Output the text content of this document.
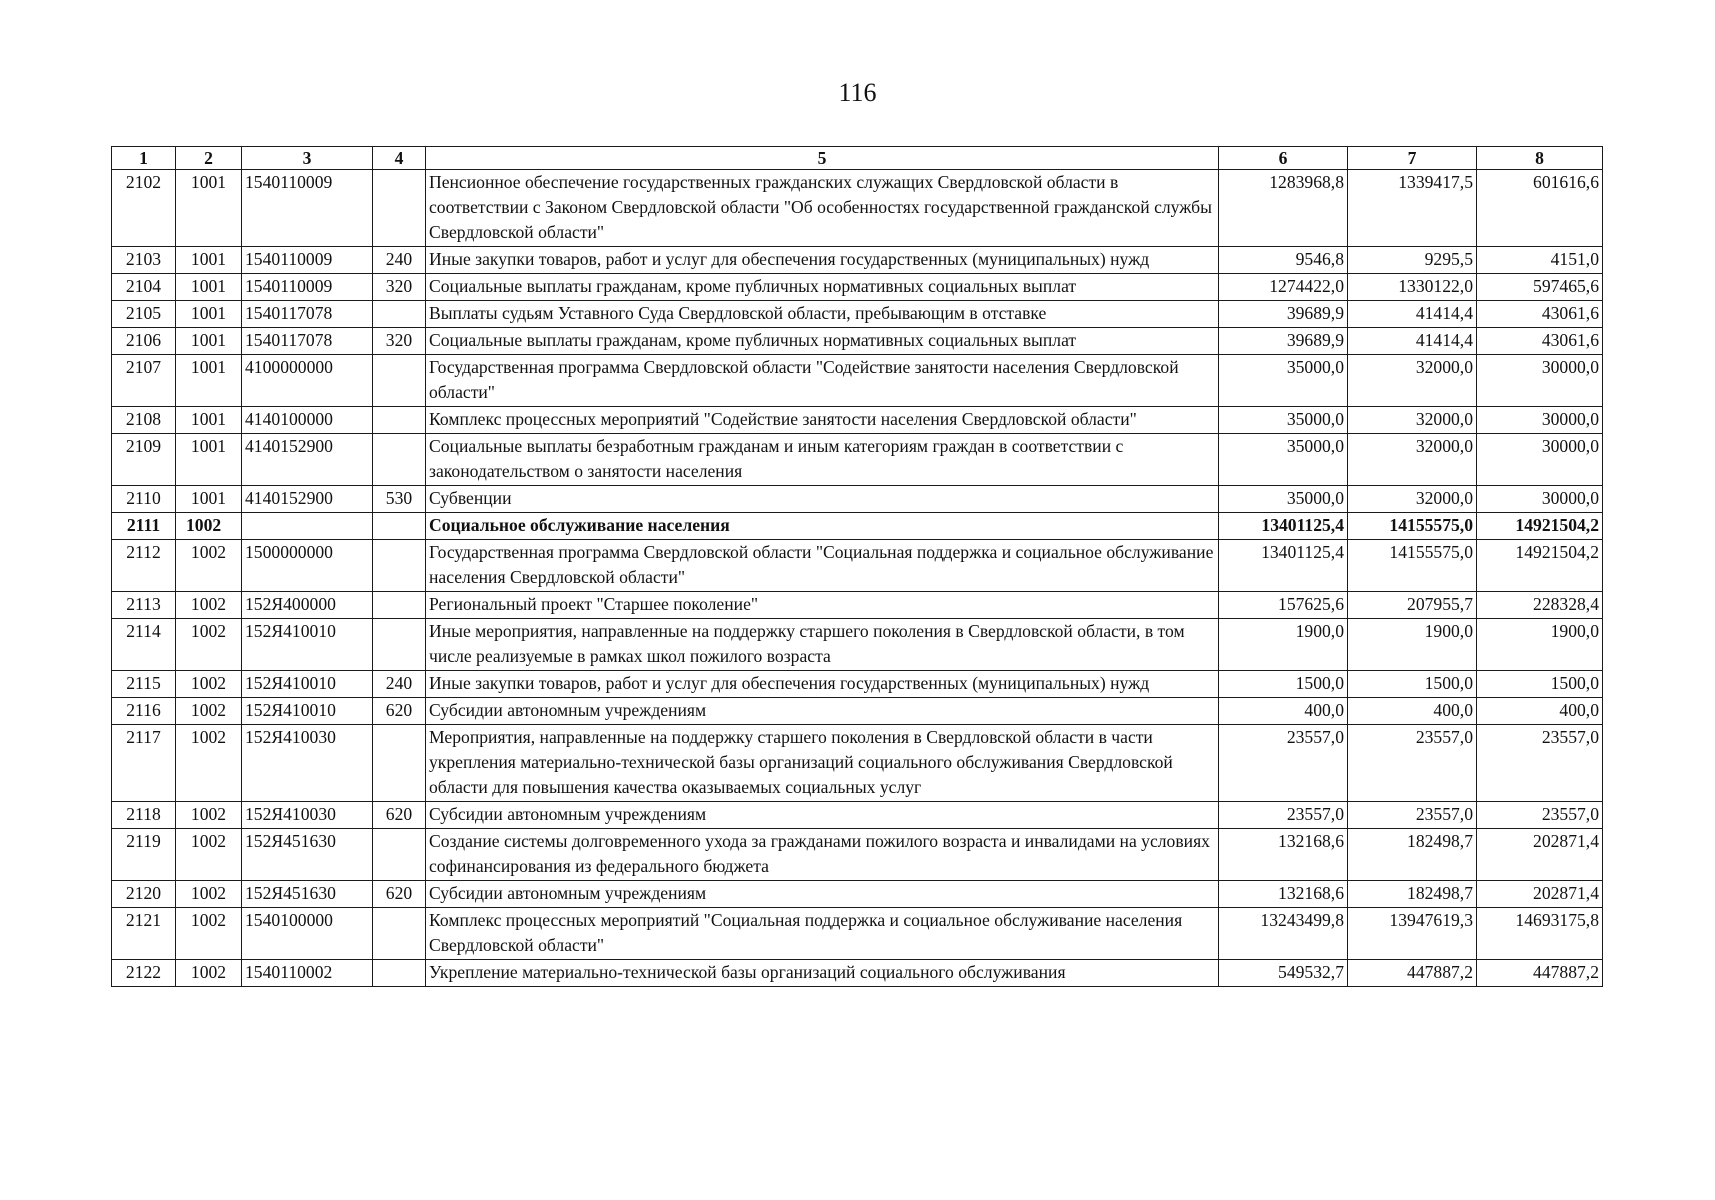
116
1	2	3	4	5	6	7	8
2102	1001	1540110009		Пенсионное обеспечение государственных гражданских служащих Свердловской области в соответствии с Законом Свердловской области "Об особенностях государственной гражданской службы Свердловской области"	1283968,8	1339417,5	601616,6
2103	1001	1540110009	240	Иные закупки товаров, работ и услуг для обеспечения государственных (муниципальных) нужд	9546,8	9295,5	4151,0
2104	1001	1540110009	320	Социальные выплаты гражданам, кроме публичных нормативных социальных выплат	1274422,0	1330122,0	597465,6
2105	1001	1540117078		Выплаты судьям Уставного Суда Свердловской области, пребывающим в отставке	39689,9	41414,4	43061,6
2106	1001	1540117078	320	Социальные выплаты гражданам, кроме публичных нормативных социальных выплат	39689,9	41414,4	43061,6
2107	1001	4100000000		Государственная программа Свердловской области "Содействие занятости населения Свердловской области"	35000,0	32000,0	30000,0
2108	1001	4140100000		Комплекс процессных мероприятий "Содействие занятости населения Свердловской области"	35000,0	32000,0	30000,0
2109	1001	4140152900		Социальные выплаты безработным гражданам и иным категориям граждан в соответствии с законодательством о занятости населения	35000,0	32000,0	30000,0
2110	1001	4140152900	530	Субвенции	35000,0	32000,0	30000,0
2111	1002			Социальное обслуживание населения	13401125,4	14155575,0	14921504,2
2112	1002	1500000000		Государственная программа Свердловской области "Социальная поддержка и социальное обслуживание населения Свердловской области"	13401125,4	14155575,0	14921504,2
2113	1002	152Я400000		Региональный проект "Старшее поколение"	157625,6	207955,7	228328,4
2114	1002	152Я410010		Иные мероприятия, направленные на поддержку старшего поколения в Свердловской области, в том числе реализуемые в рамках школ пожилого возраста	1900,0	1900,0	1900,0
2115	1002	152Я410010	240	Иные закупки товаров, работ и услуг для обеспечения государственных (муниципальных) нужд	1500,0	1500,0	1500,0
2116	1002	152Я410010	620	Субсидии автономным учреждениям	400,0	400,0	400,0
2117	1002	152Я410030		Мероприятия, направленные на поддержку старшего поколения в Свердловской области в части укрепления материально-технической базы организаций социального обслуживания Свердловской области для повышения качества оказываемых социальных услуг	23557,0	23557,0	23557,0
2118	1002	152Я410030	620	Субсидии автономным учреждениям	23557,0	23557,0	23557,0
2119	1002	152Я451630		Создание системы долговременного ухода за гражданами пожилого возраста и инвалидами на условиях софинансирования из федерального бюджета	132168,6	182498,7	202871,4
2120	1002	152Я451630	620	Субсидии автономным учреждениям	132168,6	182498,7	202871,4
2121	1002	1540100000		Комплекс процессных мероприятий "Социальная поддержка и социальное обслуживание населения Свердловской области"	13243499,8	13947619,3	14693175,8
2122	1002	1540110002		Укрепление материально-технической базы организаций социального обслуживания	549532,7	447887,2	447887,2
